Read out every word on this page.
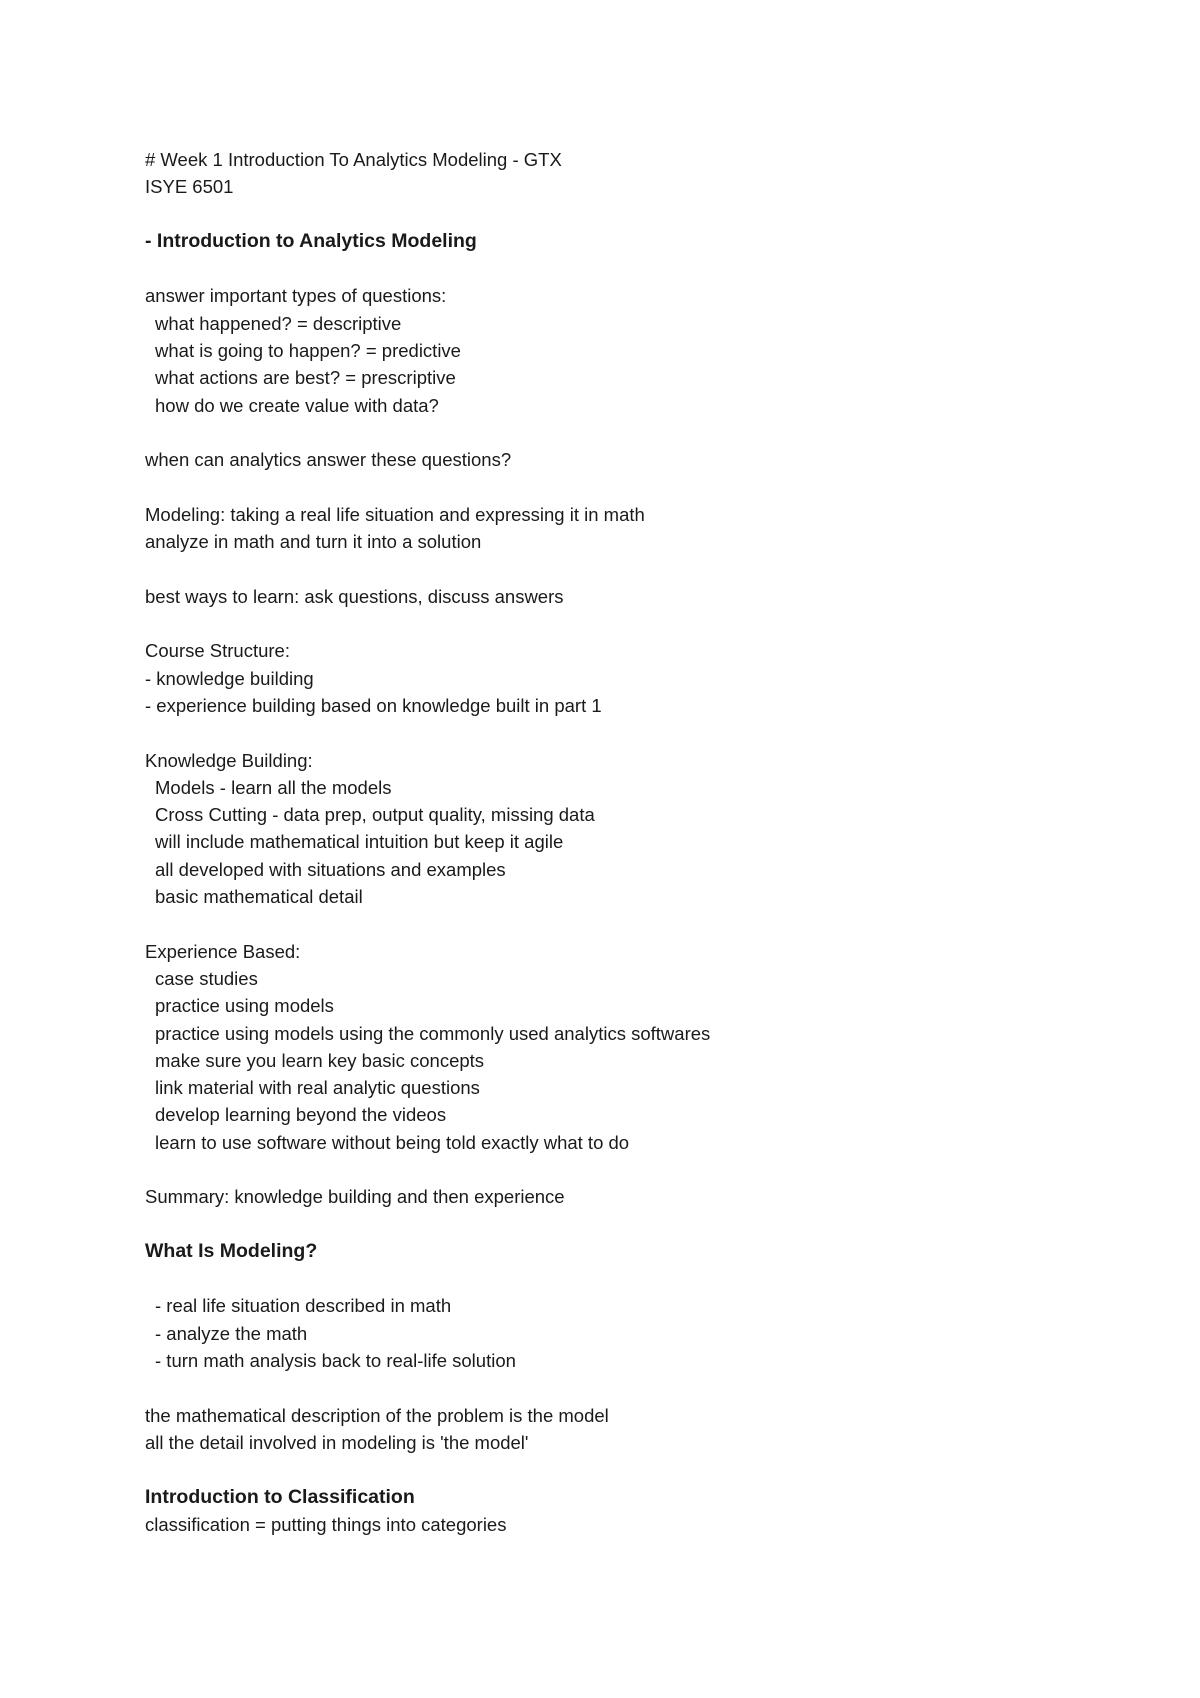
# Week 1 Introduction To Analytics Modeling - GTX
ISYE 6501
- Introduction to Analytics Modeling
answer important types of questions:
what happened? = descriptive
what is going to happen? = predictive
what actions are best? = prescriptive
how do we create value with data?
when can analytics answer these questions?
Modeling: taking a real life situation and expressing it in math
analyze in math and turn it into a solution
best ways to learn: ask questions, discuss answers
Course Structure:
- knowledge building
- experience building based on knowledge built in part 1
Knowledge Building:
Models - learn all the models
Cross Cutting - data prep, output quality, missing data
will include mathematical intuition but keep it agile
all developed with situations and examples
basic mathematical detail
Experience Based:
case studies
practice using models
practice using models using the commonly used analytics softwares
make sure you learn key basic concepts
link material with real analytic questions
develop learning beyond the videos
learn to use software without being told exactly what to do
Summary: knowledge building and then experience
What Is Modeling?
- real life situation described in math
- analyze the math
- turn math analysis back to real-life solution
the mathematical description of the problem is the model
all the detail involved in modeling is 'the model'
Introduction to Classification
classification = putting things into categories
